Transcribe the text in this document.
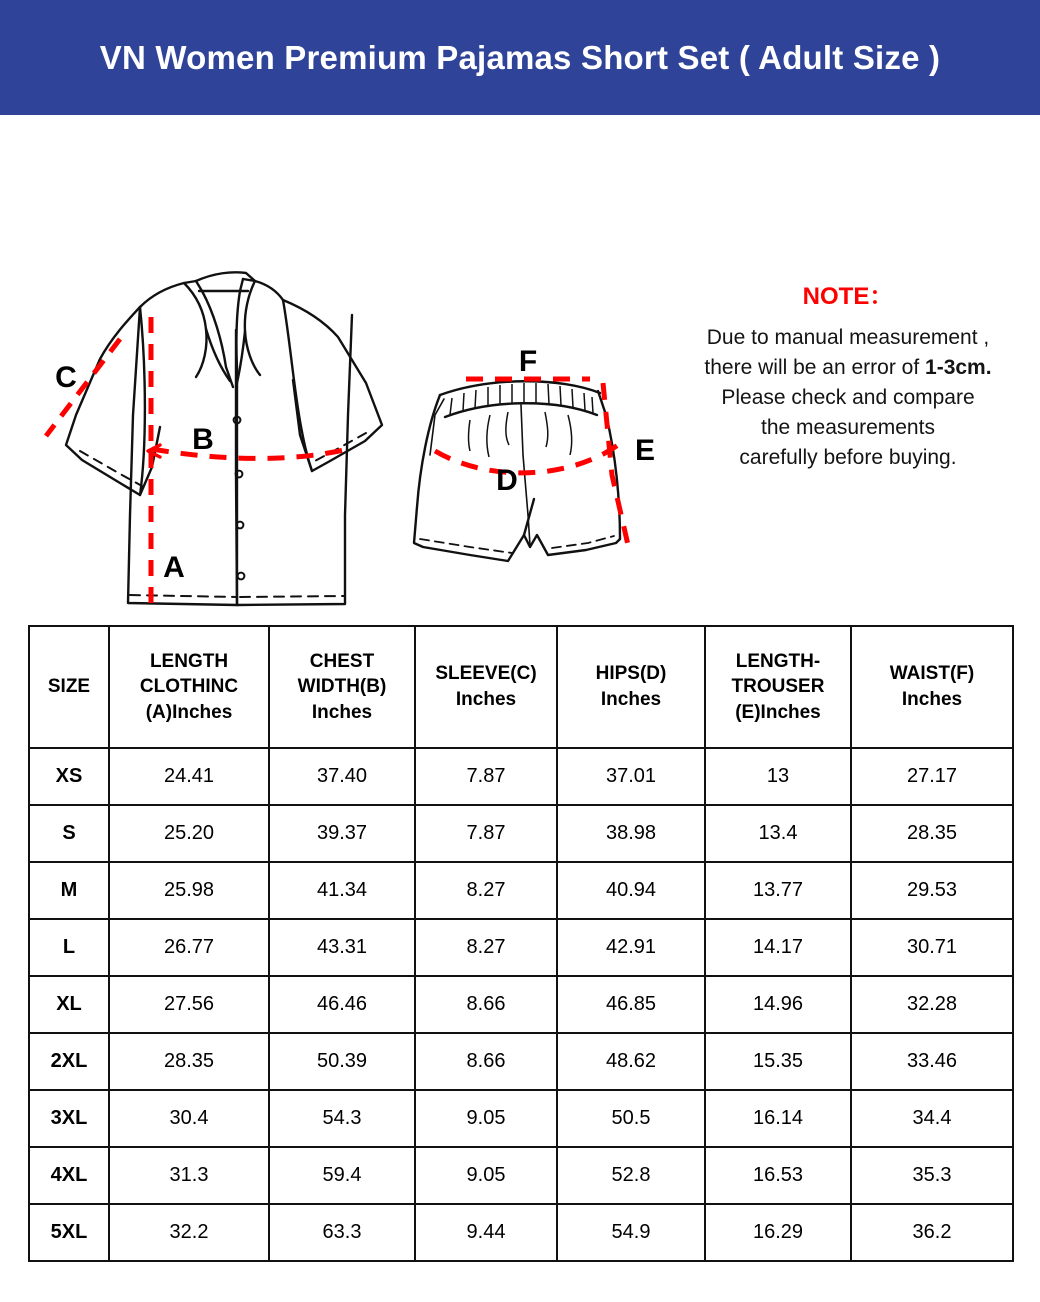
VN Women Premium Pajamas Short Set ( Adult Size )
C
B
A
F
E
D
NOTE：
Due to manual measurement ,
there will be an error of 1-3cm.
Please check and compare
the measurements
carefully before buying.
SIZE	LENGTH
CLOTHINC
(A)Inches	CHEST
WIDTH(B)
Inches	SLEEVE(C)
Inches	HIPS(D)
Inches	LENGTH-
TROUSER
(E)Inches	WAIST(F)
Inches

XS	24.41	37.40	7.87	37.01	13	27.17
S	25.20	39.37	7.87	38.98	13.4	28.35
M	25.98	41.34	8.27	40.94	13.77	29.53
L	26.77	43.31	8.27	42.91	14.17	30.71
XL	27.56	46.46	8.66	46.85	14.96	32.28
2XL	28.35	50.39	8.66	48.62	15.35	33.46
3XL	30.4	54.3	9.05	50.5	16.14	34.4
4XL	31.3	59.4	9.05	52.8	16.53	35.3
5XL	32.2	63.3	9.44	54.9	16.29	36.2
